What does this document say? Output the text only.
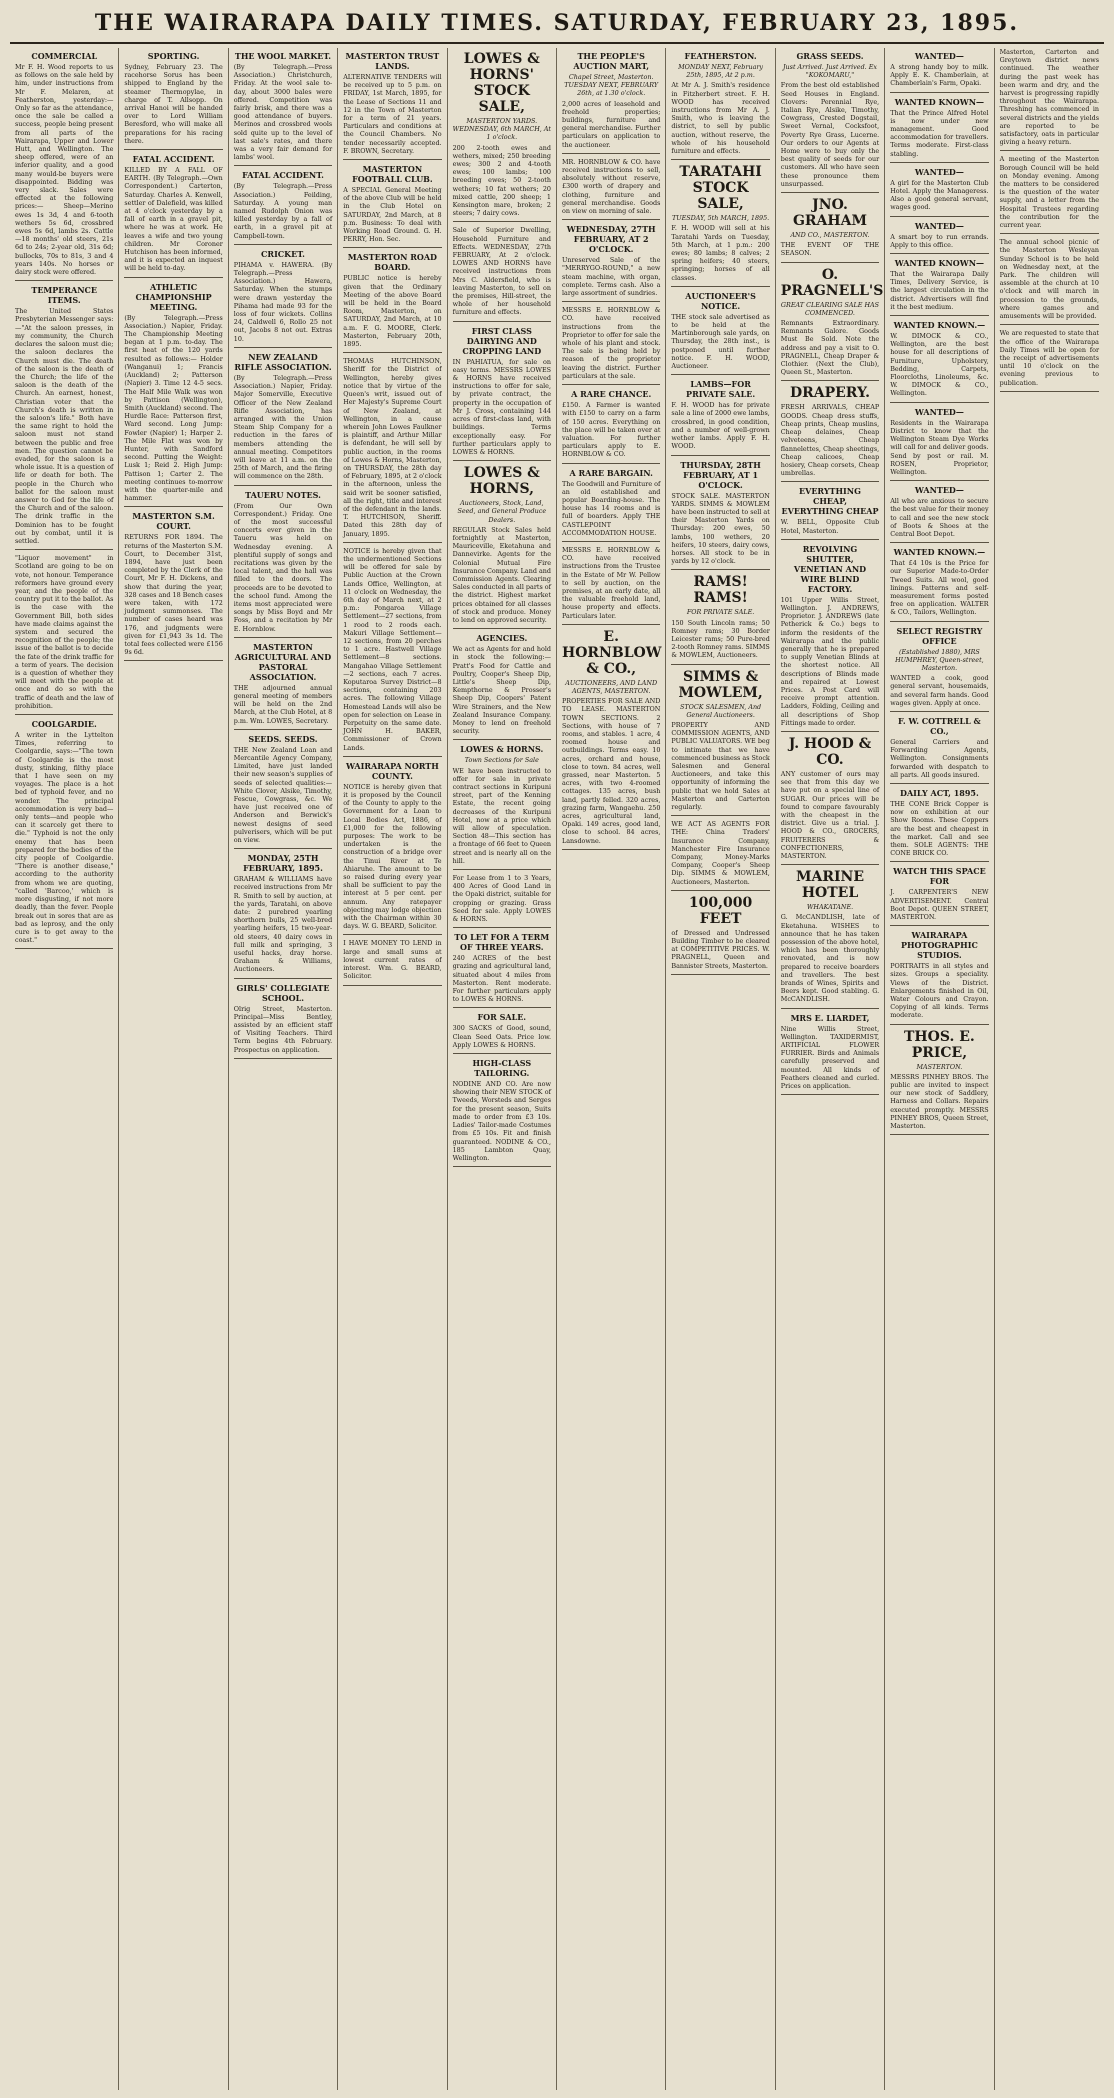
THE WAIRARAPA DAILY TIMES. SATURDAY, FEBRUARY 23, 1895.
COMMERCIAL
Mr F. H. Wood reports to us as follows on the sale held by him, under instructions from Mr F. Melaren, at Featherston, yesterday:— Only so far as the attendance, once the sale be called a success, people being present from all parts of the Wairarapa, Upper and Lower Hutt, and Wellington. The sheep offered, were of an inferior quality, and a good many would-be buyers were disappointed. Bidding was very slack. Sales were effected at the following prices:— Sheep—Merino ewes 1s 3d, 4 and 6-tooth wethers 5s 6d, crossbred ewes 5s 6d, lambs 2s. Cattle—18 months' old steers, 21s 6d to 24s; 2-year old, 31s 6d; bullocks, 70s to 81s, 3 and 4 years 140s. No horses or dairy stock were offered.
TEMPERANCE ITEMS.
The United States Presbyterian Messenger says:—"At the saloon presses, in my community, the Church declares the saloon must die; the saloon declares the Church must die. The death of the saloon is the death of the Church; the life of the saloon is the death of the Church. An earnest, honest, Christian voter that the Church's death is written in the saloon's life." Both have the same right to hold the saloon must not stand between the public and free men. The question cannot be evaded, for the saloon is a whole issue. It is a question of life or death for both. The people in the Church who ballot for the saloon must answer to God for the life of the Church and of the saloon. The drink traffic in the Dominion has to be fought out by combat, until it is settled.
"Liquor movement" in Scotland are going to be on vote, not honour. Temperance reformers have ground every year, and the people of the country put it to the ballot. As is the case with the Government Bill, both sides have made claims against the system and secured the recognition of the people; the issue of the ballot is to decide the fate of the drink traffic for a term of years. The decision is a question of whether they will meet with the people at once and do so with the traffic of death and the law of prohibition.
COOLGARDIE.
A writer in the Lyttelton Times, referring to Coolgardie, says:—"The town of Coolgardie is the most dusty, stinking, filthy place that I have seen on my voyages. The place is a hot bed of typhoid fever, and no wonder. The principal accommodation is very bad—only tents—and people who can it scarcely get there to die." Typhoid is not the only enemy that has been prepared for the bodies of the city people of Coolgardie. "There is another disease," according to the authority from whom we are quoting, "called 'Barcoo,' which is more disgusting, if not more deadly, than the fever. People break out in sores that are as bad as leprosy, and the only cure is to get away to the coast."
SPORTING.
Sydney, February 23. The racehorse Sorus has been shipped to England by the steamer Thermopylae, in charge of T. Allsopp. On arrival Hanoi will be handed over to Lord William Beresford, who will make all preparations for his racing there.
FATAL ACCIDENT.
KILLED BY A FALL OF EARTH. (By Telegraph.—Own Correspondent.) Carterton, Saturday. Charles A. Kenwell, settler of Dalefield, was killed at 4 o'clock yesterday by a fall of earth in a gravel pit, where he was at work. He leaves a wife and two young children. Mr Coroner Hutchison has been informed, and it is expected an inquest will be held to-day.
ATHLETIC CHAMPIONSHIP MEETING.
(By Telegraph.—Press Association.) Napier, Friday. The Championship Meeting began at 1 p.m. to-day. The first heat of the 120 yards resulted as follows:— Holder (Wanganui) 1; Francis (Auckland) 2; Patterson (Napier) 3. Time 12 4-5 secs. The Half Mile Walk was won by Pattison (Wellington), Smith (Auckland) second. The Hurdle Race: Patterson first, Ward second. Long Jump: Fowler (Napier) 1; Harper 2. The Mile Flat was won by Hunter, with Sandford second. Putting the Weight: Lusk 1; Reid 2. High Jump: Pattison 1; Carter 2. The meeting continues to-morrow with the quarter-mile and hammer.
MASTERTON S.M. COURT.
RETURNS FOR 1894. The returns of the Masterton S.M. Court, to December 31st, 1894, have just been completed by the Clerk of the Court, Mr F. H. Dickens, and show that during the year, 328 cases and 18 Bench cases were taken, with 172 judgment summonses. The number of cases heard was 176, and judgments were given for £1,943 3s 1d. The total fees collected were £156 9s 6d.
THE WOOL MARKET.
(By Telegraph.—Press Association.) Christchurch, Friday. At the wool sale to-day, about 3000 bales were offered. Competition was fairly brisk, and there was a good attendance of buyers. Merinos and crossbred wools sold quite up to the level of last sale's rates, and there was a very fair demand for lambs' wool.
FATAL ACCIDENT.
(By Telegraph.—Press Association.) Feilding, Saturday. A young man named Rudolph Onion was killed yesterday by a fall of earth, in a gravel pit at Campbell-town.
CRICKET.
PIHAMA v. HAWERA. (By Telegraph.—Press Association.) Hawera, Saturday. When the stumps were drawn yesterday the Pihama had made 93 for the loss of four wickets. Collins 24, Caldwell 6, Rollo 25 not out, Jacobs 8 not out. Extras 10.
NEW ZEALAND RIFLE ASSOCIATION.
(By Telegraph.—Press Association.) Napier, Friday. Major Somerville, Executive Officer of the New Zealand Rifle Association, has arranged with the Union Steam Ship Company for a reduction in the fares of members attending the annual meeting. Competitors will leave at 11 a.m. on the 25th of March, and the firing will commence on the 28th.
TAUERU NOTES.
(From Our Own Correspondent.) Friday. One of the most successful concerts ever given in the Taueru was held on Wednesday evening. A plentiful supply of songs and recitations was given by the local talent, and the hall was filled to the doors. The proceeds are to be devoted to the school fund. Among the items most appreciated were songs by Miss Boyd and Mr Foss, and a recitation by Mr E. Hornblow.
MASTERTON AGRICULTURAL AND PASTORAL ASSOCIATION.
THE adjourned annual general meeting of members will be held on the 2nd March, at the Club Hotel, at 8 p.m. Wm. LOWES, Secretary.
SEEDS. SEEDS.
THE New Zealand Loan and Mercantile Agency Company, Limited, have just landed their new season's supplies of seeds of selected qualities:— White Clover, Alsike, Timothy, Fescue, Cowgrass, &c. We have just received one of Anderson and Berwick's newest designs of seed pulverisers, which will be put on view.
MONDAY, 25TH FEBRUARY, 1895.
GRAHAM & WILLIAMS have received instructions from Mr R. Smith to sell by auction, at the yards, Taratahi, on above date: 2 purebred yearling shorthorn bulls, 25 well-bred yearling heifers, 15 two-year-old steers, 40 dairy cows in full milk and springing, 3 useful hacks, dray horse. Graham & Williams, Auctioneers.
GIRLS' COLLEGIATE SCHOOL.
Olrig Street, Masterton. Principal—Miss Bentley, assisted by an efficient staff of Visiting Teachers. Third Term begins 4th February. Prospectus on application.
MASTERTON TRUST LANDS.
ALTERNATIVE TENDERS will be received up to 5 p.m. on FRIDAY, 1st March, 1895, for the Lease of Sections 11 and 12 in the Town of Masterton for a term of 21 years. Particulars and conditions at the Council Chambers. No tender necessarily accepted. F. BROWN, Secretary.
MASTERTON FOOTBALL CLUB.
A SPECIAL General Meeting of the above Club will be held in the Club Hotel on SATURDAY, 2nd March, at 8 p.m. Business: To deal with Working Road Ground. G. H. PERRY, Hon. Sec.
MASTERTON ROAD BOARD.
PUBLIC notice is hereby given that the Ordinary Meeting of the above Board will be held in the Board Room, Masterton, on SATURDAY, 2nd March, at 10 a.m. F. G. MOORE, Clerk. Masterton, February 20th, 1895.
THOMAS HUTCHINSON, Sheriff for the District of Wellington, hereby gives notice that by virtue of the Queen's writ, issued out of Her Majesty's Supreme Court of New Zealand, at Wellington, in a cause wherein John Lowes Faulkner is plaintiff, and Arthur Millar is defendant, he will sell by public auction, in the rooms of Lowes & Horns, Masterton, on THURSDAY, the 28th day of February, 1895, at 2 o'clock in the afternoon, unless the said writ be sooner satisfied, all the right, title and interest of the defendant in the lands. T. HUTCHISON, Sheriff. Dated this 28th day of January, 1895.
NOTICE is hereby given that the undermentioned Sections will be offered for sale by Public Auction at the Crown Lands Office, Wellington, at 11 o'clock on Wednesday, the 6th day of March next, at 2 p.m.: Pongaroa Village Settlement—27 sections, from 1 rood to 2 roods each. Makuri Village Settlement—12 sections, from 20 perches to 1 acre. Hastwell Village Settlement—8 sections. Mangahao Village Settlement—2 sections, each 7 acres. Koputaroa Survey District—8 sections, containing 203 acres. The following Village Homestead Lands will also be open for selection on Lease in Perpetuity on the same date. JOHN H. BAKER, Commissioner of Crown Lands.
WAIRARAPA NORTH COUNTY.
NOTICE is hereby given that it is proposed by the Council of the County to apply to the Government for a Loan to Local Bodies Act, 1886, of £1,000 for the following purposes: The work to be undertaken is the construction of a bridge over the Tinui River at Te Ahiaruhe. The amount to be so raised during every year shall be sufficient to pay the interest at 5 per cent. per annum. Any ratepayer objecting may lodge objection with the Chairman within 30 days. W. G. BEARD, Solicitor.
I HAVE MONEY TO LEND in large and small sums at lowest current rates of interest. Wm. G. BEARD, Solicitor.
LOWES & HORNS' STOCK SALE,
MASTERTON YARDS. WEDNESDAY, 6th MARCH, At 1 o'clock.
200 2-tooth ewes and wethers, mixed; 250 breeding ewes; 300 2 and 4-tooth ewes; 100 lambs; 100 breeding ewes; 50 2-tooth wethers; 10 fat wethers; 20 mixed cattle, 200 sheep; 1 Kensington mare, broken; 2 steers; 7 dairy cows.
Sale of Superior Dwelling, Household Furniture and Effects. WEDNESDAY, 27th FEBRUARY, At 2 o'clock. LOWES AND HORNS have received instructions from Mrs C. Aldersfield, who is leaving Masterton, to sell on the premises, Hill-street, the whole of her household furniture and effects.
FIRST CLASS DAIRYING AND CROPPING LAND
IN PAHIATUA, for sale on easy terms. MESSRS LOWES & HORNS have received instructions to offer for sale, by private contract, the property in the occupation of Mr J. Cross, containing 144 acres of first-class land, with buildings. Terms exceptionally easy. For further particulars apply to LOWES & HORNS.
LOWES & HORNS,
Auctioneers, Stock, Land, Seed, and General Produce Dealers.
REGULAR Stock Sales held fortnightly at Masterton, Mauriceville, Eketahuna and Dannevirke. Agents for the Colonial Mutual Fire Insurance Company. Land and Commission Agents. Clearing Sales conducted in all parts of the district. Highest market prices obtained for all classes of stock and produce. Money to lend on approved security.
AGENCIES.
We act as Agents for and hold in stock the following:— Pratt's Food for Cattle and Poultry, Cooper's Sheep Dip, Little's Sheep Dip, Kempthorne & Prosser's Sheep Dip, Coopers' Patent Wire Strainers, and the New Zealand Insurance Company. Money to lend on freehold security.
LOWES & HORNS.
Town Sections for Sale
WE have been instructed to offer for sale in private contract sections in Kuripuni street, part of the Kenning Estate, the recent going decreases of the Kuripuni Hotel, now at a price which will allow of speculation. Section 48—This section has a frontage of 66 feet to Queen street and is nearly all on the hill.
For Lease from 1 to 3 Years, 400 Acres of Good Land in the Opaki district, suitable for cropping or grazing. Grass Seed for sale. Apply LOWES & HORNS.
TO LET FOR A TERM OF THREE YEARS.
240 ACRES of the best grazing and agricultural land, situated about 4 miles from Masterton. Rent moderate. For further particulars apply to LOWES & HORNS.
FOR SALE.
300 SACKS of Good, sound, Clean Seed Oats. Price low. Apply LOWES & HORNS.
HIGH-CLASS TAILORING.
NODINE AND CO. Are now showing their NEW STOCK of Tweeds, Worsteds and Serges for the present season, Suits made to order from £3 10s. Ladies' Tailor-made Costumes from £5 10s. Fit and finish guaranteed. NODINE & CO., 185 Lambton Quay, Wellington.
THE PEOPLE'S AUCTION MART,
Chapel Street, Masterton. TUESDAY NEXT, FEBRUARY 26th, at 1.30 o'clock.
2,000 acres of leasehold and freehold properties; buildings, furniture and general merchandise. Further particulars on application to the auctioneer.
MR. HORNBLOW & CO. have received instructions to sell, absolutely without reserve, £300 worth of drapery and clothing, furniture and general merchandise. Goods on view on morning of sale.
WEDNESDAY, 27TH FEBRUARY, AT 2 O'CLOCK.
Unreserved Sale of the "MERRYGO-ROUND," a new steam machine, with organ, complete. Terms cash. Also a large assortment of sundries.
MESSRS E. HORNBLOW & CO. have received instructions from the Proprietor to offer for sale the whole of his plant and stock. The sale is being held by reason of the proprietor leaving the district. Further particulars at the sale.
A RARE CHANCE.
£150. A Farmer is wanted with £150 to carry on a farm of 150 acres. Everything on the place will be taken over at valuation. For further particulars apply to E. HORNBLOW & CO.
A RARE BARGAIN.
The Goodwill and Furniture of an old established and popular Boarding-house. The house has 14 rooms and is full of boarders. Apply THE CASTLEPOINT ACCOMMODATION HOUSE.
MESSRS E. HORNBLOW & CO. have received instructions from the Trustee in the Estate of Mr W. Pellow to sell by auction, on the premises, at an early date, all the valuable freehold land, house property and effects. Particulars later.
E. HORNBLOW & CO.,
AUCTIONEERS, AND LAND AGENTS, MASTERTON.
PROPERTIES FOR SALE AND TO LEASE. MASTERTON TOWN SECTIONS. 2 Sections, with house of 7 rooms, and stables. 1 acre, 4 roomed house and outbuildings. Terms easy. 10 acres, orchard and house, close to town. 84 acres, well grassed, near Masterton. 5 acres, with two 4-roomed cottages. 135 acres, bush land, partly felled. 320 acres, grazing farm, Wangaehu. 250 acres, agricultural land, Opaki. 149 acres, good land, close to school. 84 acres, Lansdowne.
FEATHERSTON.
MONDAY NEXT, February 25th, 1895, At 2 p.m.
At Mr A. J. Smith's residence in Fitzherbert street. F. H. WOOD has received instructions from Mr A. J. Smith, who is leaving the district, to sell by public auction, without reserve, the whole of his household furniture and effects.
TARATAHI STOCK SALE,
TUESDAY, 5th MARCH, 1895.
F. H. WOOD will sell at his Taratahi Yards on Tuesday, 5th March, at 1 p.m.: 200 ewes; 80 lambs; 8 calves; 2 spring heifers; 40 steers, springing; horses of all classes.
AUCTIONEER'S NOTICE.
THE stock sale advertised as to be held at the Martinborough sale yards, on Thursday, the 28th inst., is postponed until further notice. F. H. WOOD, Auctioneer.
LAMBS—FOR PRIVATE SALE.
F. H. WOOD has for private sale a line of 2000 ewe lambs, crossbred, in good condition, and a number of well-grown wether lambs. Apply F. H. WOOD.
THURSDAY, 28TH FEBRUARY, AT 1 O'CLOCK.
STOCK SALE. MASTERTON YARDS. SIMMS & MOWLEM have been instructed to sell at their Masterton Yards on Thursday: 200 ewes, 50 lambs, 100 wethers, 20 heifers, 10 steers, dairy cows, horses. All stock to be in yards by 12 o'clock.
RAMS! RAMS!
FOR PRIVATE SALE.
150 South Lincoln rams; 50 Romney rams; 30 Border Leicester rams; 50 Pure-bred 2-tooth Romney rams. SIMMS & MOWLEM, Auctioneers.
SIMMS & MOWLEM,
STOCK SALESMEN, And General Auctioneers.
PROPERTY AND COMMISSION AGENTS, AND PUBLIC VALUATORS. WE beg to intimate that we have commenced business as Stock Salesmen and General Auctioneers, and take this opportunity of informing the public that we hold Sales at Masterton and Carterton regularly.
WE ACT AS AGENTS FOR THE: China Traders' Insurance Company, Manchester Fire Insurance Company, Money-Marks Company, Cooper's Sheep Dip. SIMMS & MOWLEM, Auctioneers, Masterton.
100,000 FEET
of Dressed and Undressed Building Timber to be cleared at COMPETITIVE PRICES. W. PRAGNELL, Queen and Bannister Streets, Masterton.
GRASS SEEDS.
Just Arrived. Just Arrived. Ex "KOKOMARU,"
From the best old established Seed Houses in England. Clovers: Perennial Rye, Italian Rye, Alsike, Timothy, Cowgrass, Crested Dogstail, Sweet Vernal, Cocksfoot, Poverty Rye Grass, Lucerne. Our orders to our Agents at Home were to buy only the best quality of seeds for our customers. All who have seen these pronounce them unsurpassed.
JNO. GRAHAM
AND CO., MASTERTON.
THE EVENT OF THE SEASON.
O. PRAGNELL'S
GREAT CLEARING SALE HAS COMMENCED.
Remnants Extraordinary. Remnants Galore. Goods Must Be Sold. Note the address and pay a visit to O. PRAGNELL, Cheap Draper & Clothier. (Next the Club), Queen St., Masterton.
DRAPERY.
FRESH ARRIVALS, CHEAP GOODS. Cheap dress stuffs, Cheap prints, Cheap muslins, Cheap delaines, Cheap velveteens, Cheap flannelettes, Cheap sheetings, Cheap calicoes, Cheap hosiery, Cheap corsets, Cheap umbrellas.
EVERYTHING CHEAP, EVERYTHING CHEAP
W. BELL, Opposite Club Hotel, Masterton.
REVOLVING SHUTTER, VENETIAN AND WIRE BLIND FACTORY.
101 Upper Willis Street, Wellington. J. ANDREWS, Proprietor. J. ANDREWS (late Petherick & Co.) begs to inform the residents of the Wairarapa and the public generally that he is prepared to supply Venetian Blinds at the shortest notice. All descriptions of Blinds made and repaired at Lowest Prices. A Post Card will receive prompt attention. Ladders, Folding, Ceiling and all descriptions of Shop Fittings made to order.
J. HOOD & CO.
ANY customer of ours may see that from this day we have put on a special line of SUGAR. Our prices will be found to compare favourably with the cheapest in the district. Give us a trial. J. HOOD & CO., GROCERS, FRUITERERS & CONFECTIONERS, MASTERTON.
MARINE HOTEL
WHAKATANE.
G. McCANDLISH, late of Eketahuna. WISHES to announce that he has taken possession of the above hotel, which has been thoroughly renovated, and is now prepared to receive boarders and travellers. The best brands of Wines, Spirits and Beers kept. Good stabling. G. McCANDLISH.
MRS E. LIARDET,
Nine Willis Street, Wellington. TAXIDERMIST, ARTIFICIAL FLOWER FURRIER. Birds and Animals carefully preserved and mounted. All kinds of Feathers cleaned and curled. Prices on application.
WANTED—
A strong handy boy to milk. Apply E. K. Chamberlain, at Chamberlain's Farm, Opaki.
WANTED KNOWN—
That the Prince Alfred Hotel is now under new management. Good accommodation for travellers. Terms moderate. First-class stabling.
WANTED—
A girl for the Masterton Club Hotel. Apply the Manageress. Also a good general servant, wages good.
WANTED—
A smart boy to run errands. Apply to this office.
WANTED KNOWN—
That the Wairarapa Daily Times, Delivery Service, is the largest circulation in the district. Advertisers will find it the best medium.
WANTED KNOWN.—
W. DIMOCK & CO., Wellington, are the best house for all descriptions of Furniture, Upholstery, Bedding, Carpets, Floorcloths, Linoleums, &c. W. DIMOCK & CO., Wellington.
WANTED—
Residents in the Wairarapa District to know that the Wellington Steam Dye Works will call for and deliver goods. Send by post or rail. M. ROSEN, Proprietor, Wellington.
WANTED—
All who are anxious to secure the best value for their money to call and see the new stock of Boots & Shoes at the Central Boot Depot.
WANTED KNOWN.—
That £4 10s is the Price for our Superior Made-to-Order Tweed Suits. All wool, good linings. Patterns and self-measurement forms posted free on application. WALTER & CO., Tailors, Wellington.
SELECT REGISTRY OFFICE
(Established 1880), MRS HUMPHREY, Queen-street, Masterton.
WANTED a cook, good general servant, housemaids, and several farm hands. Good wages given. Apply at once.
F. W. COTTRELL & CO.,
General Carriers and Forwarding Agents, Wellington. Consignments forwarded with despatch to all parts. All goods insured.
DAILY ACT, 1895.
THE CONE Brick Copper is now on exhibition at our Show Rooms. These Coppers are the best and cheapest in the market. Call and see them. SOLE AGENTS: THE CONE BRICK CO.
WATCH THIS SPACE FOR
J. CARPENTER'S NEW ADVERTISEMENT. Central Boot Depot. QUEEN STREET, MASTERTON.
WAIRARAPA PHOTOGRAPHIC STUDIOS.
PORTRAITS in all styles and sizes. Groups a speciality. Views of the District. Enlargements finished in Oil, Water Colours and Crayon. Copying of all kinds. Terms moderate.
THOS. E. PRICE,
MASTERTON.
MESSRS PINHEY BROS. The public are invited to inspect our new stock of Saddlery, Harness and Collars. Repairs executed promptly. MESSRS PINHEY BROS, Queen Street, Masterton.
Masterton, Carterton and Greytown district news continued. The weather during the past week has been warm and dry, and the harvest is progressing rapidly throughout the Wairarapa. Threshing has commenced in several districts and the yields are reported to be satisfactory, oats in particular giving a heavy return.
A meeting of the Masterton Borough Council will be held on Monday evening. Among the matters to be considered is the question of the water supply, and a letter from the Hospital Trustees regarding the contribution for the current year.
The annual school picnic of the Masterton Wesleyan Sunday School is to be held on Wednesday next, at the Park. The children will assemble at the church at 10 o'clock and will march in procession to the grounds, where games and amusements will be provided.
We are requested to state that the office of the Wairarapa Daily Times will be open for the receipt of advertisements until 10 o'clock on the evening previous to publication.
